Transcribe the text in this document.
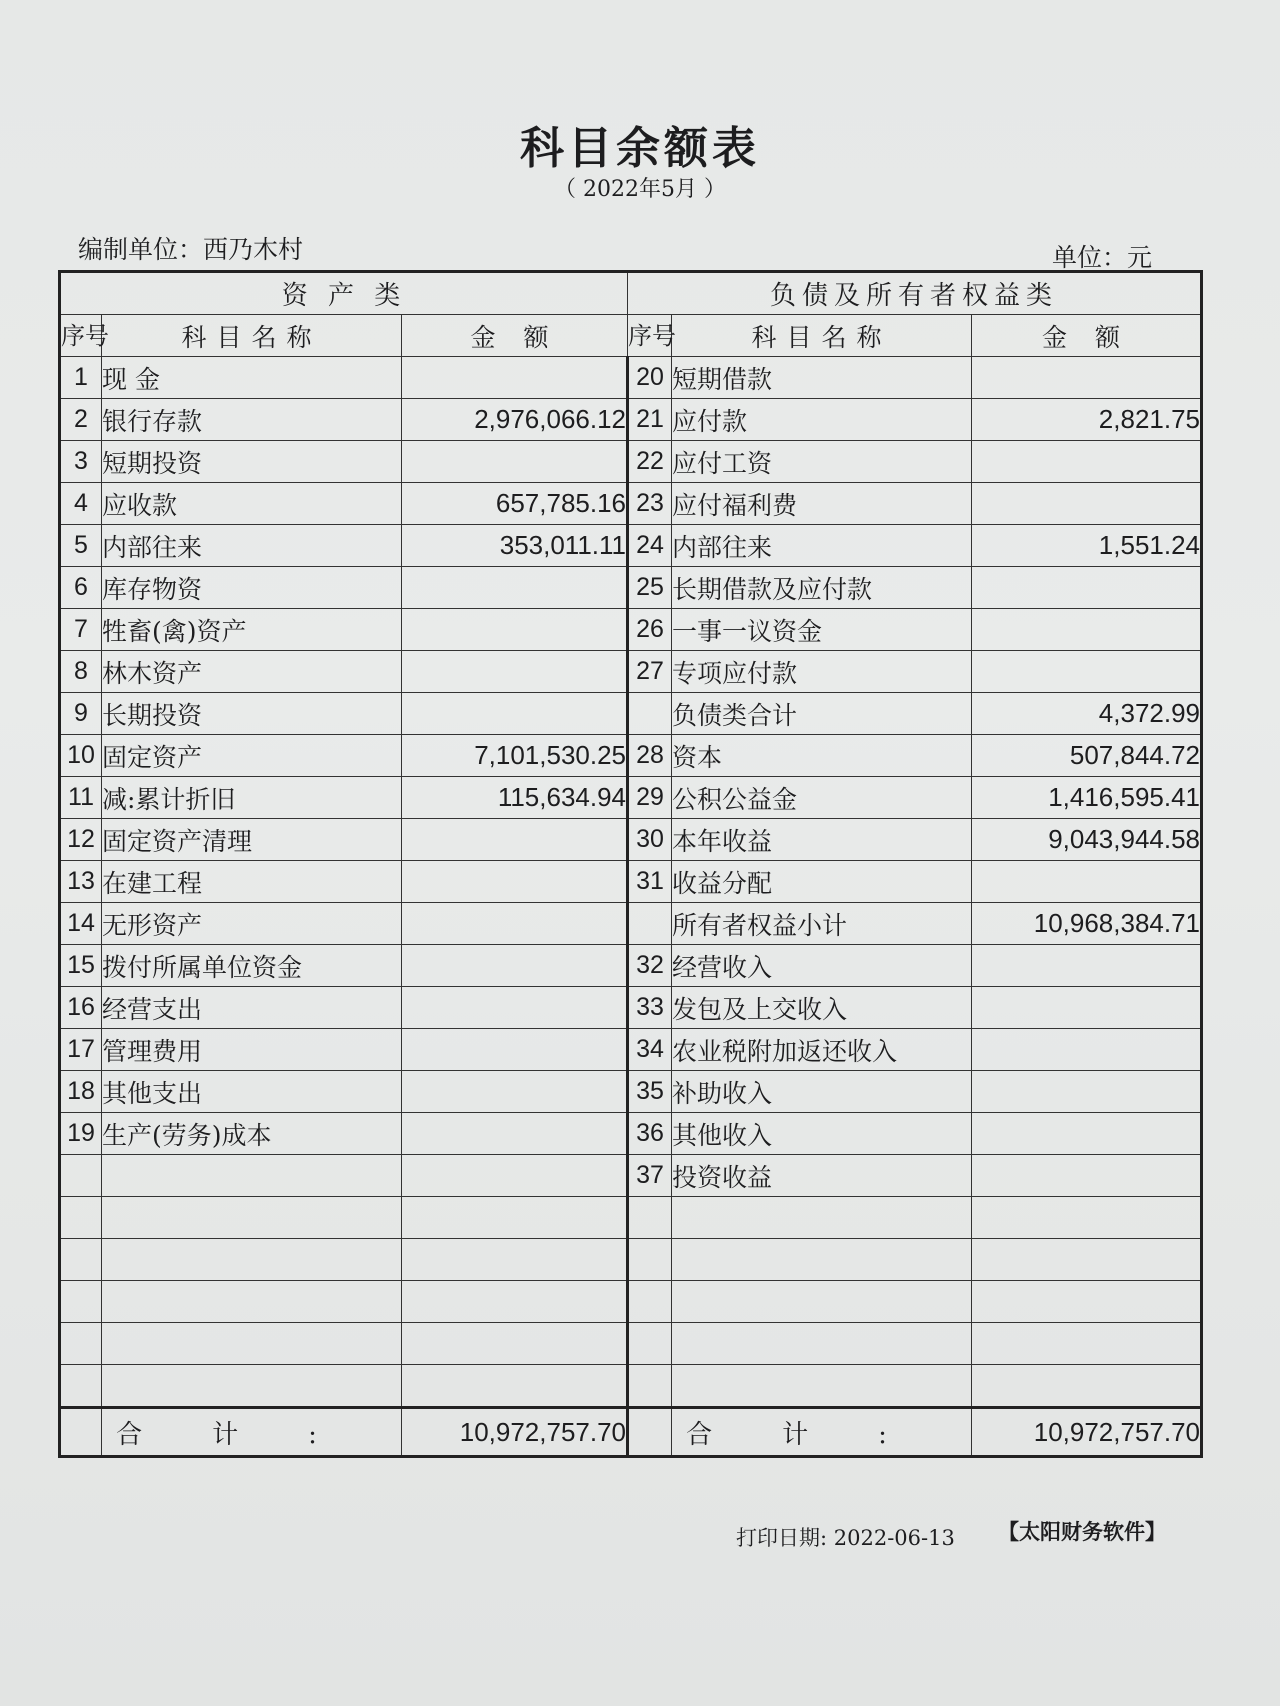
科目余额表
（ 2022年5月 ）
编制单位：西乃木村	单位：元
资 产 类			负债及所有者权益类		
序号	科目名称	金 额	序号	科目名称	金 额
1	现 金		20	短期借款	
2	银行存款	2,976,066.12	21	应付款	2,821.75
3	短期投资		22	应付工资	
4	应收款	657,785.16	23	应付福利费	
5	内部往来	353,011.11	24	内部往来	1,551.24
6	库存物资		25	长期借款及应付款	
7	牲畜(禽)资产		26	一事一议资金	
8	林木资产		27	专项应付款	
9	长期投资			负债类合计	4,372.99
10	固定资产	7,101,530.25	28	资本	507,844.72
11	减:累计折旧	115,634.94	29	公积公益金	1,416,595.41
12	固定资产清理		30	本年收益	9,043,944.58
13	在建工程		31	收益分配	
14	无形资产			所有者权益小计	10,968,384.71
15	拨付所属单位资金		32	经营收入	
16	经营支出		33	发包及上交收入	
17	管理费用		34	农业税附加返还收入	
18	其他支出		35	补助收入	
19	生产(劳务)成本		36	其他收入	
			37	投资收益	

	合计:	10,972,757.70		合计:	10,972,757.70
打印日期: 2022-06-13 【太阳财务软件】
